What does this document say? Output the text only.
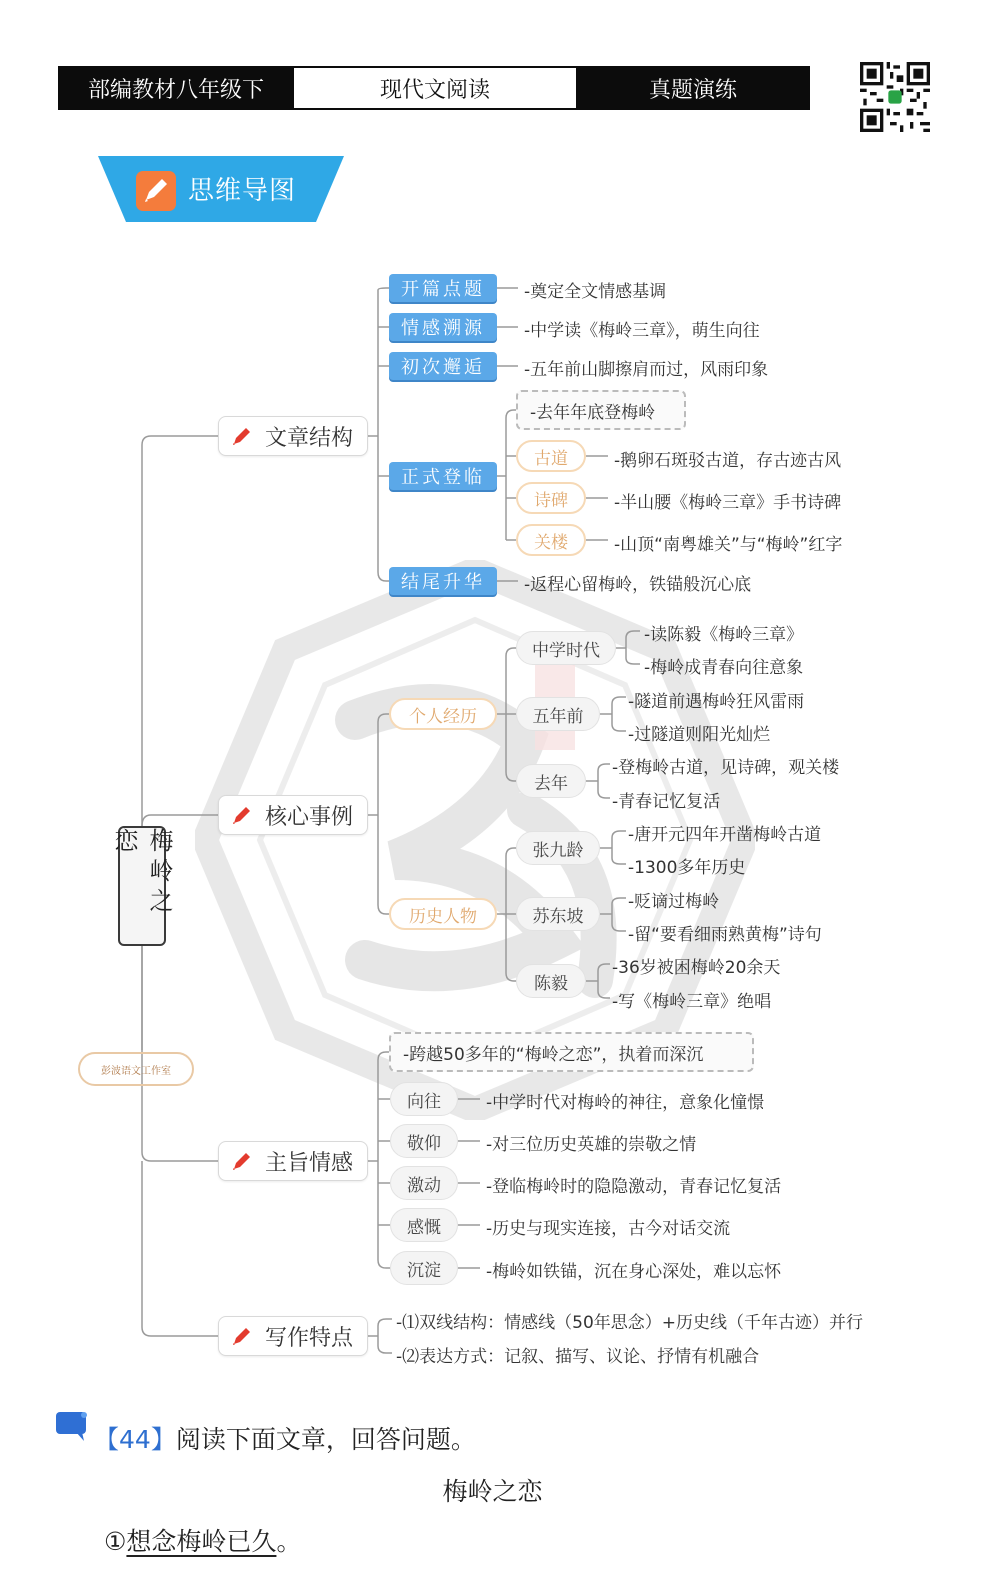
部编教材八年级下	现代文阅读	真题演练
思维导图
梅岭之恋
彭波语文工作室
文章结构
核心事例
主旨情感
写作特点
开篇点题	-奠定全文情感基调
情感溯源	-中学读《梅岭三章》，萌生向往
初次邂逅	-五年前山脚擦肩而过，风雨印象
正式登临
-去年年底登梅岭
古道	-鹅卵石斑驳古道，存古迹古风
诗碑	-半山腰《梅岭三章》手书诗碑
关楼	-山顶“南粤雄关”与“梅岭”红字
结尾升华	-返程心留梅岭，铁锚般沉心底
个人经历
中学时代
-读陈毅《梅岭三章》
-梅岭成青春向往意象
五年前
-隧道前遇梅岭狂风雷雨
-过隧道则阳光灿烂
去年
-登梅岭古道，见诗碑，观关楼
-青春记忆复活
历史人物
张九龄
-唐开元四年开凿梅岭古道
-1300多年历史
苏东坡
-贬谪过梅岭
-留“要看细雨熟黄梅”诗句
陈毅
-36岁被困梅岭20余天
-写《梅岭三章》绝唱
-跨越50多年的“梅岭之恋”，执着而深沉
向往	-中学时代对梅岭的神往，意象化憧憬
敬仰	-对三位历史英雄的崇敬之情
激动	-登临梅岭时的隐隐激动，青春记忆复活
感慨	-历史与现实连接，古今对话交流
沉淀	-梅岭如铁锚，沉在身心深处，难以忘怀
-⑴双线结构：情感线（50年思念）+历史线（千年古迹）并行
-⑵表达方式：记叙、描写、议论、抒情有机融合
【44】阅读下面文章，回答问题。
梅岭之恋
①想念梅岭已久。
